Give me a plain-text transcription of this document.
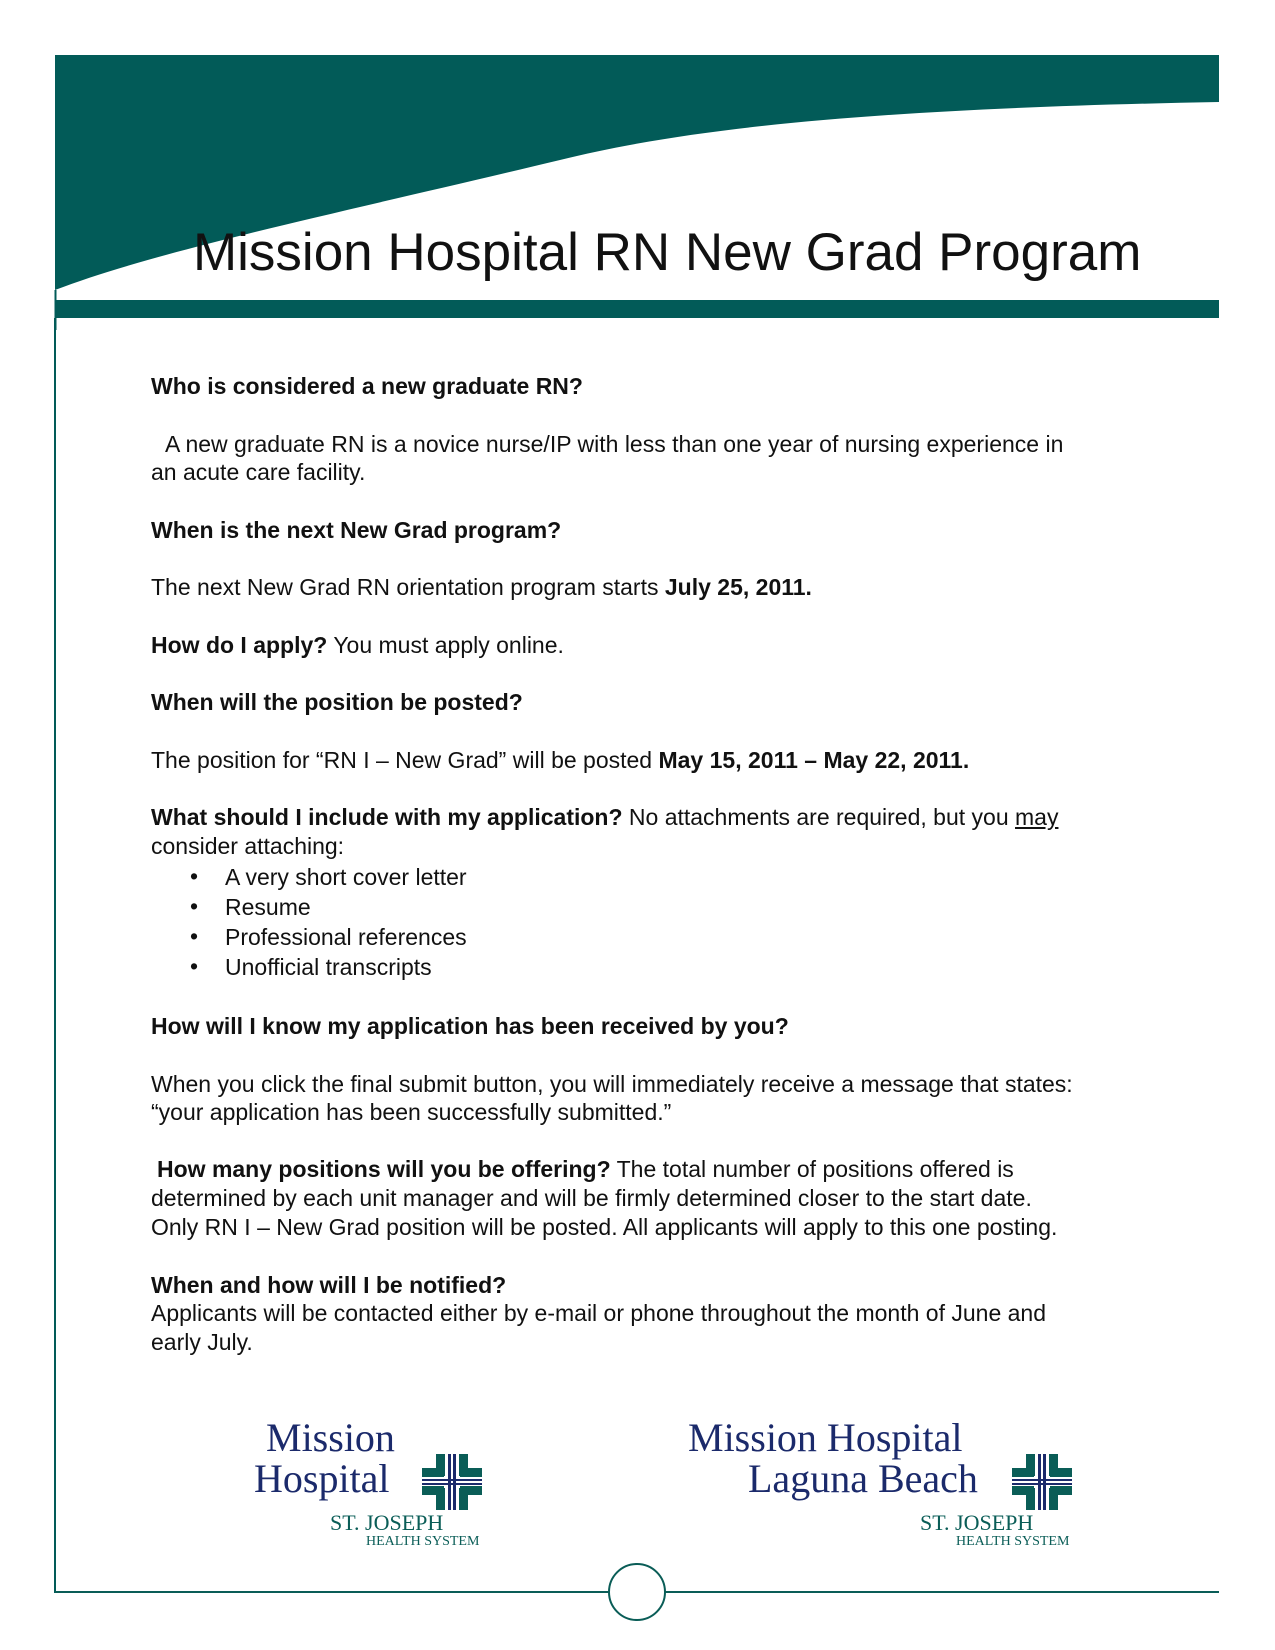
Mission Hospital RN New Grad Program
Who is considered a new graduate RN?
A new graduate RN is a novice nurse/IP with less than one year of nursing experience in
an acute care facility.
When is the next New Grad program?
The next New Grad RN orientation program starts July 25, 2011.
How do I apply? You must apply online.
When will the position be posted?
The position for “RN I – New Grad” will be posted May 15, 2011 – May 22, 2011.
What should I include with my application? No attachments are required, but you may
consider attaching:
• A very short cover letter
• Resume
• Professional references
• Unofficial transcripts
How will I know my application has been received by you?
When you click the final submit button, you will immediately receive a message that states:
“your application has been successfully submitted.”
How many positions will you be offering? The total number of positions offered is
determined by each unit manager and will be firmly determined closer to the start date.
Only RN I – New Grad position will be posted. All applicants will apply to this one posting.
When and how will I be notified?
Applicants will be contacted either by e-mail or phone throughout the month of June and
early July.
Mission
Hospital
ST. JOSEPH
HEALTH SYSTEM
Mission Hospital
Laguna Beach
ST. JOSEPH
HEALTH SYSTEM
